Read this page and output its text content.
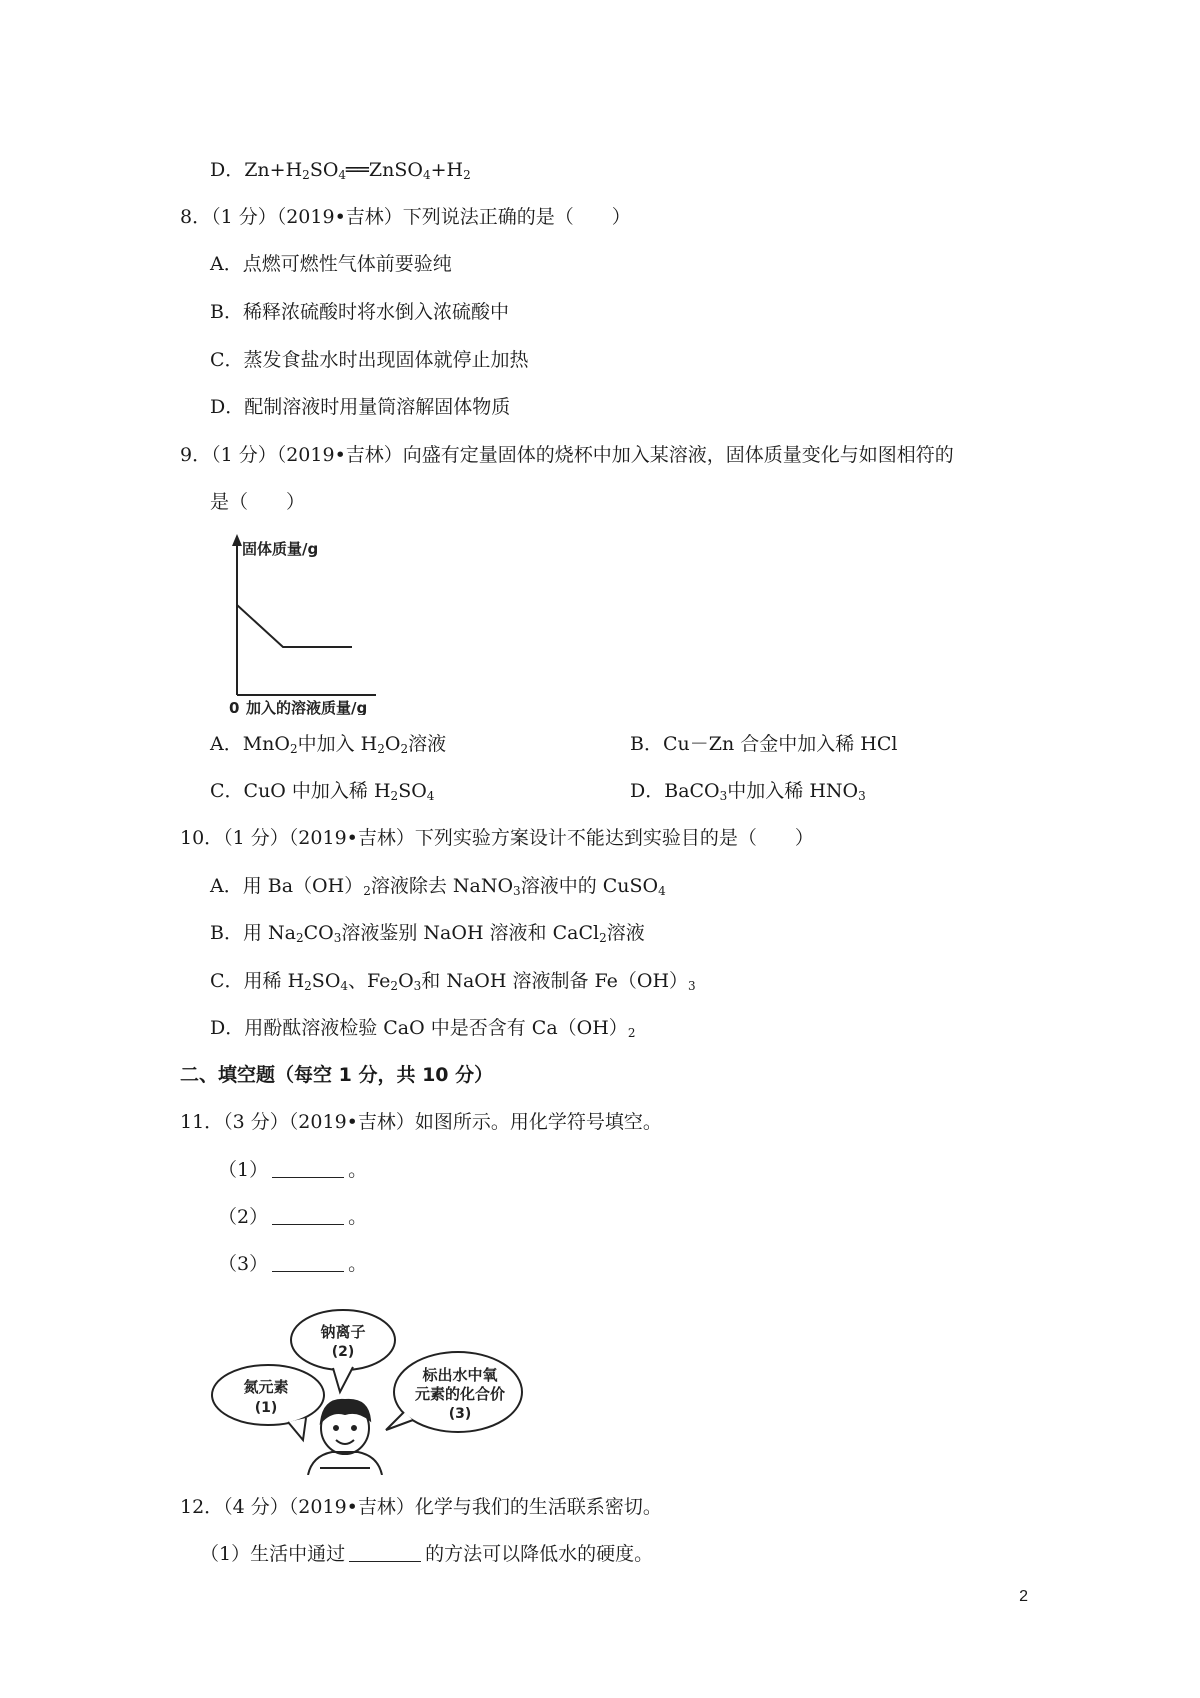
D．$Zn+H_2SO_4══ZnSO_4+H_2$
8．（1 分）（2019•吉林）下列说法正确的是（　　）
A．点燃可燃性气体前要验纯
B．稀释浓硫酸时将水倒入浓硫酸中
C．蒸发食盐水时出现固体就停止加热
D．配制溶液时用量筒溶解固体物质
9．（1 分）（2019•吉林）向盛有定量固体的烧杯中加入某溶液，固体质量变化与如图相符的
是（　　）
固体质量/g
0 加入的溶液质量/g
A．MnO$_2$中加入 $H_2O_2$溶液	B．Cu－Zn 合金中加入稀 HCl
C．CuO 中加入稀 $H_2SO_4$	D．BaCO$_3$中加入稀 $HNO_3$
10．（1 分）（2019•吉林）下列实验方案设计不能达到实验目的是（　　）
A．用 $Ba(OH)_2$溶液除去 NaNO$_3$溶液中的 CuSO$_4$
B．用 $Na_2CO_3$溶液鉴别 NaOH 溶液和 CaCl$_2$溶液
C．用稀 $H_2SO_4$、$Fe_2O_3$和 NaOH 溶液制备 $Fe(OH)_3$
D．用酚酞溶液检验 CaO 中是否含有 $Ca(OH)_2$
二、填空题（每空 1 分，共 10 分）
11．（3 分）（2019•吉林）如图所示。用化学符号填空。
（1）	。
（2）	。
（3）	。
钠离子
(2)
氮元素
(1)
标出水中氧
元素的化合价
(3)
12．（4 分）（2019•吉林）化学与我们的生活联系密切。
（1）生活中通过	的方法可以降低水的硬度。
2
